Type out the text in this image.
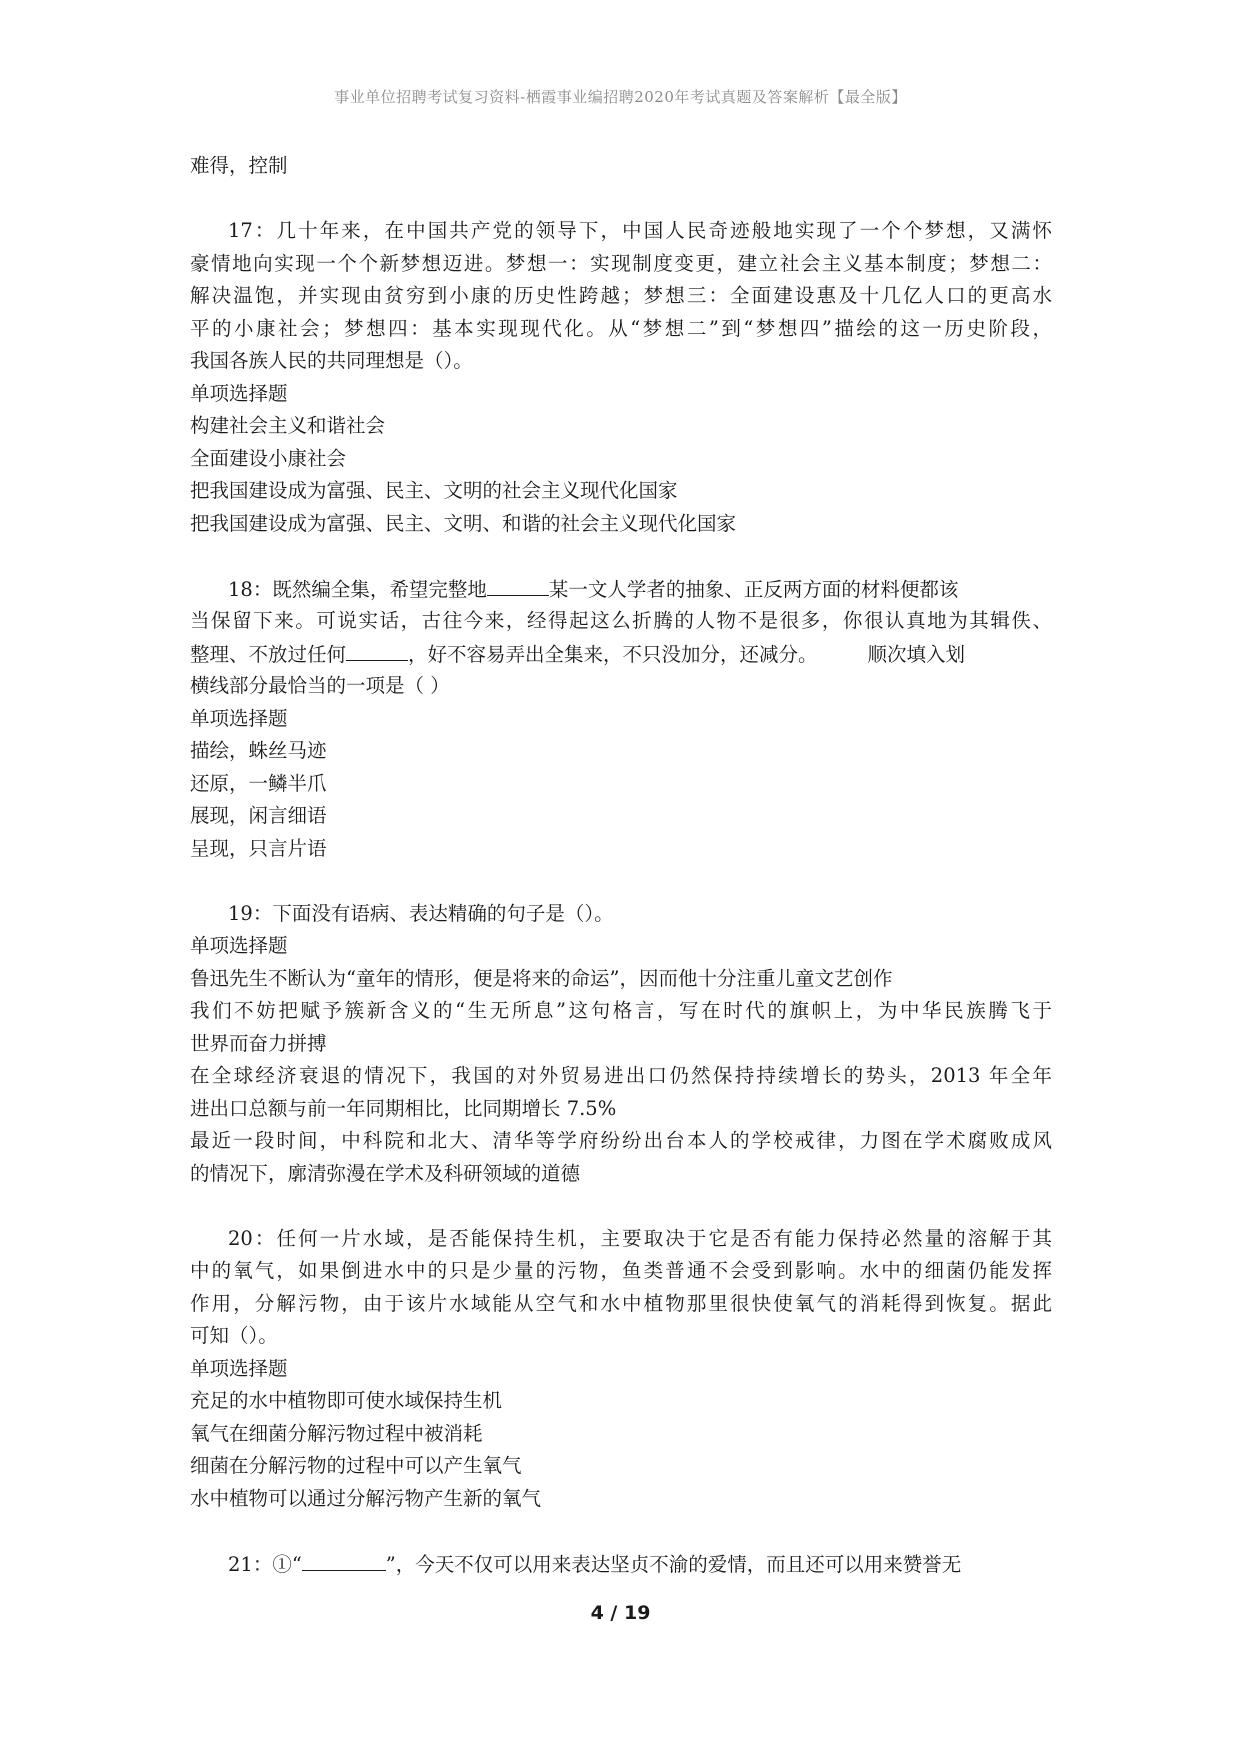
事业单位招聘考试复习资料-栖霞事业编招聘2020年考试真题及答案解析【最全版】
难得，控制
17：几十年来，在中国共产党的领导下，中国人民奇迹般地实现了一个个梦想，又满怀
豪情地向实现一个个新梦想迈进。梦想一：实现制度变更，建立社会主义基本制度；梦想二：
解决温饱，并实现由贫穷到小康的历史性跨越；梦想三：全面建设惠及十几亿人口的更高水
平的小康社会；梦想四：基本实现现代化。从“梦想二”到“梦想四”描绘的这一历史阶段，
我国各族人民的共同理想是（）。
单项选择题
构建社会主义和谐社会
全面建设小康社会
把我国建设成为富强、民主、文明的社会主义现代化国家
把我国建设成为富强、民主、文明、和谐的社会主义现代化国家
18：既然编全集，希望完整地	某一文人学者的抽象、正反两方面的材料便都该
当保留下来。可说实话，古往今来，经得起这么折腾的人物不是很多，你很认真地为其辑佚、
整理、不放过任何	，好不容易弄出全集来，不只没加分，还减分。	顺次填入划
横线部分最恰当的一项是（ ）
单项选择题
描绘，蛛丝马迹
还原，一鳞半爪
展现，闲言细语
呈现，只言片语
19：下面没有语病、表达精确的句子是（）。
单项选择题
鲁迅先生不断认为“童年的情形，便是将来的命运”，因而他十分注重儿童文艺创作
我们不妨把赋予簇新含义的“生无所息”这句格言，写在时代的旗帜上，为中华民族腾飞于
世界而奋力拼搏
在全球经济衰退的情况下，我国的对外贸易进出口仍然保持持续增长的势头，2013 年全年
进出口总额与前一年同期相比，比同期增长 7.5%
最近一段时间，中科院和北大、清华等学府纷纷出台本人的学校戒律，力图在学术腐败成风
的情况下，廓清弥漫在学术及科研领域的道德
20：任何一片水域，是否能保持生机，主要取决于它是否有能力保持必然量的溶解于其
中的氧气，如果倒进水中的只是少量的污物，鱼类普通不会受到影响。水中的细菌仍能发挥
作用，分解污物，由于该片水域能从空气和水中植物那里很快使氧气的消耗得到恢复。据此
可知（）。
单项选择题
充足的水中植物即可使水域保持生机
氧气在细菌分解污物过程中被消耗
细菌在分解污物的过程中可以产生氧气
水中植物可以通过分解污物产生新的氧气
21：①“	”，今天不仅可以用来表达坚贞不渝的爱情，而且还可以用来赞誉无
4 / 19
